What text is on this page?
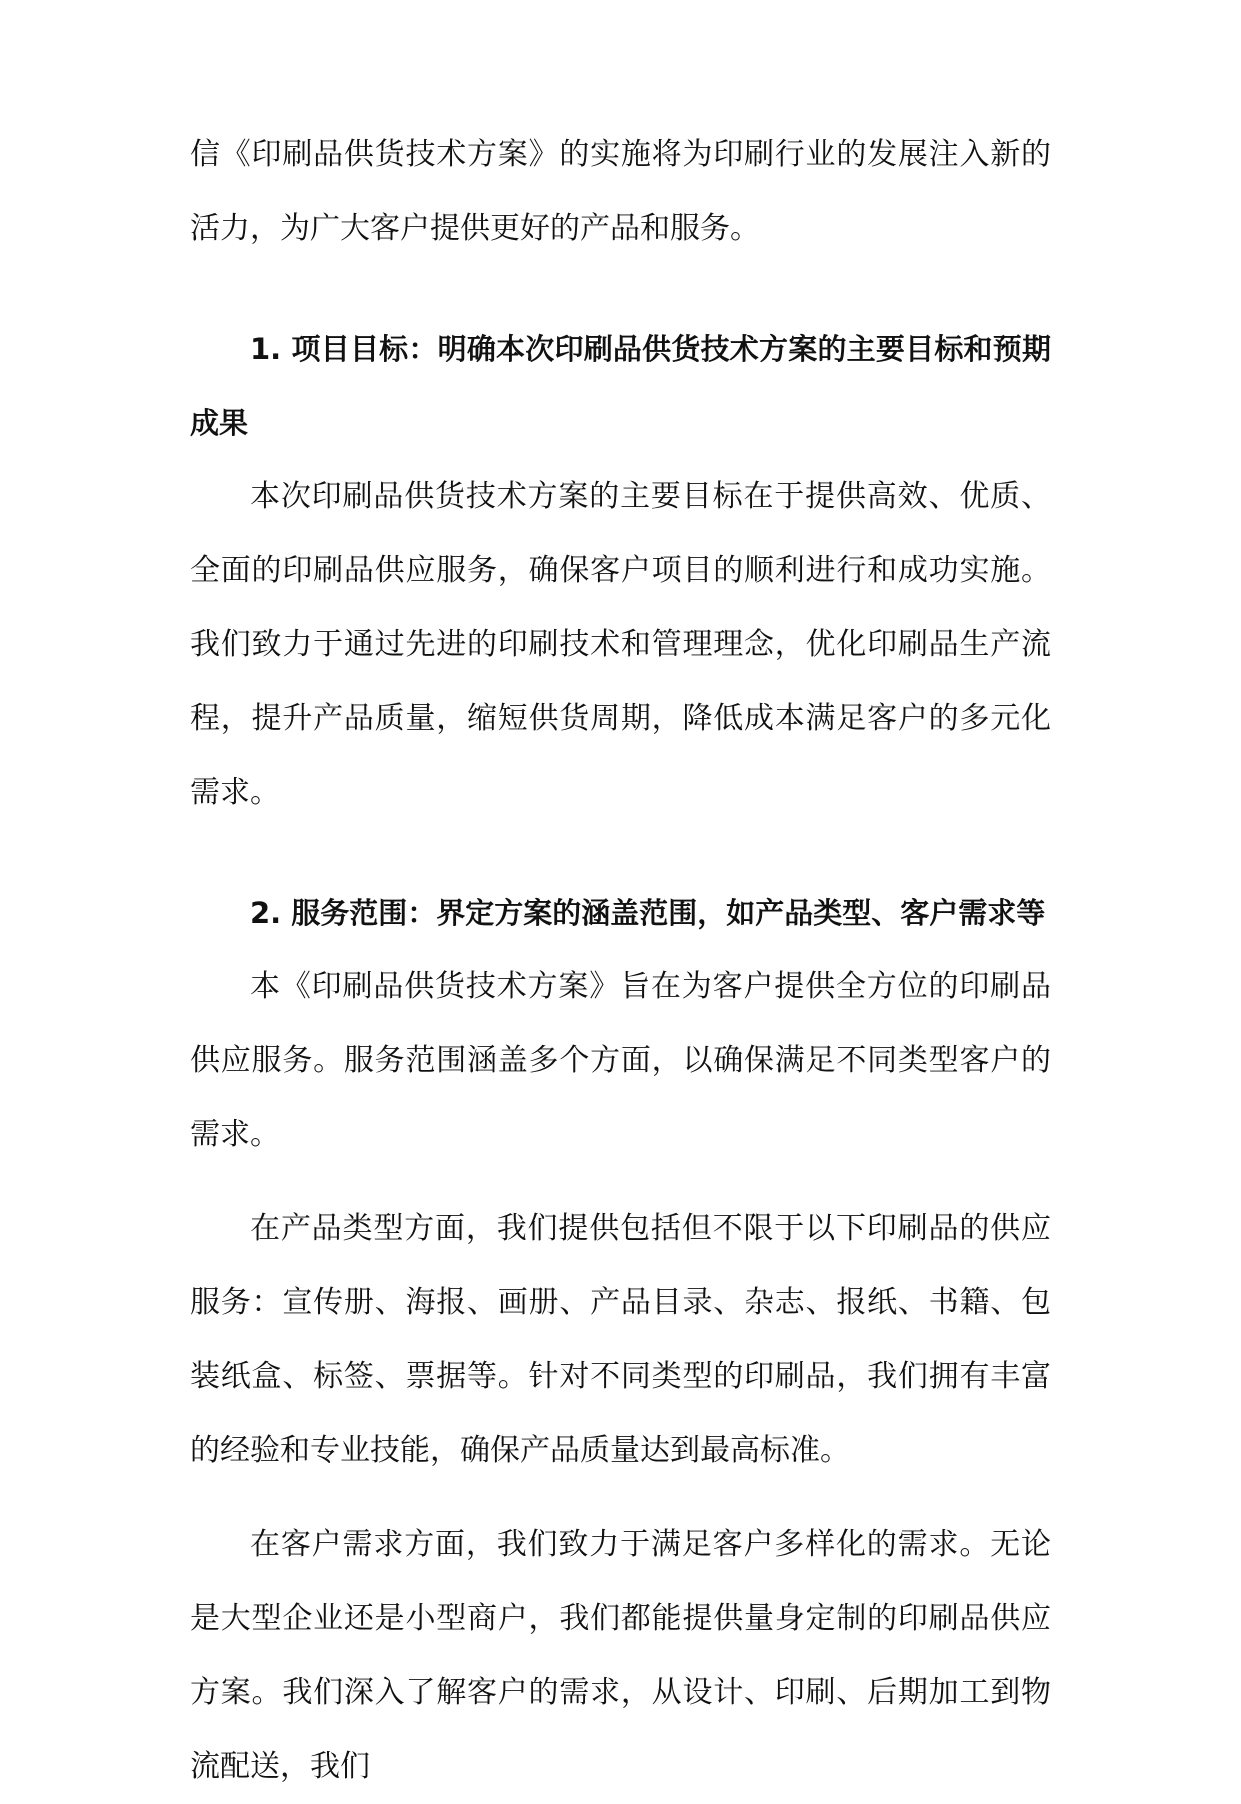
信《印刷品供货技术方案》的实施将为印刷行业的发展注入新的活力，为广大客户提供更好的产品和服务。

1. 项目目标：明确本次印刷品供货技术方案的主要目标和预期成果

本次印刷品供货技术方案的主要目标在于提供高效、优质、全面的印刷品供应服务，确保客户项目的顺利进行和成功实施。我们致力于通过先进的印刷技术和管理理念，优化印刷品生产流程，提升产品质量，缩短供货周期，降低成本满足客户的多元化需求。

2. 服务范围：界定方案的涵盖范围，如产品类型、客户需求等

本《印刷品供货技术方案》旨在为客户提供全方位的印刷品供应服务。服务范围涵盖多个方面，以确保满足不同类型客户的需求。

在产品类型方面，我们提供包括但不限于以下印刷品的供应服务：宣传册、海报、画册、产品目录、杂志、报纸、书籍、包装纸盒、标签、票据等。针对不同类型的印刷品，我们拥有丰富的经验和专业技能，确保产品质量达到最高标准。

在客户需求方面，我们致力于满足客户多样化的需求。无论是大型企业还是小型商户，我们都能提供量身定制的印刷品供应方案。我们深入了解客户的需求，从设计、印刷、后期加工到物流配送，我们
